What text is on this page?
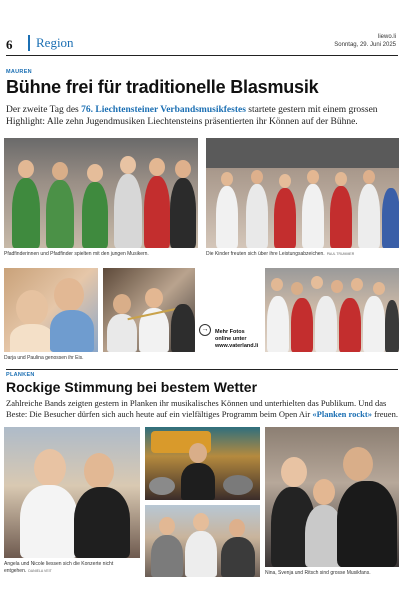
6 Region	liewo.li
Sonntag, 29. Juni 2025
MAUREN
Bühne frei für traditionelle Blasmusik
Der zweite Tag des 76. Liechtensteiner Verbandsmusikfestes startete gestern mit einem grossen Highlight: Alle zehn Jugendmusiken Liechtensteins präsentierten ihr Können auf der Bühne.
Pfadfinderinnen und Pfadfinder spielten mit den jungen Musikern.	Die Kinder freuten sich über ihre Leistungsabzeichen. PAUL TRUMMER
Darja und Paulina genossen ihr Eis.
→	Mehr Fotos
online unter
www.vaterland.li
PLANKEN
Rockige Stimmung bei bestem Wetter
Zahlreiche Bands zeigten gestern in Planken ihr musikalisches Können und unterhielten das Publikum. Und das Beste: Die Besucher dürfen sich auch heute auf ein vielfältiges Programm beim Open Air «Planken rockt» freuen.
Angela und Nicole liessen sich die Konzerte nicht
entgehen. DANIELA VEIT	Nina, Svenja und Ritsch sind grosse Musikfans.
